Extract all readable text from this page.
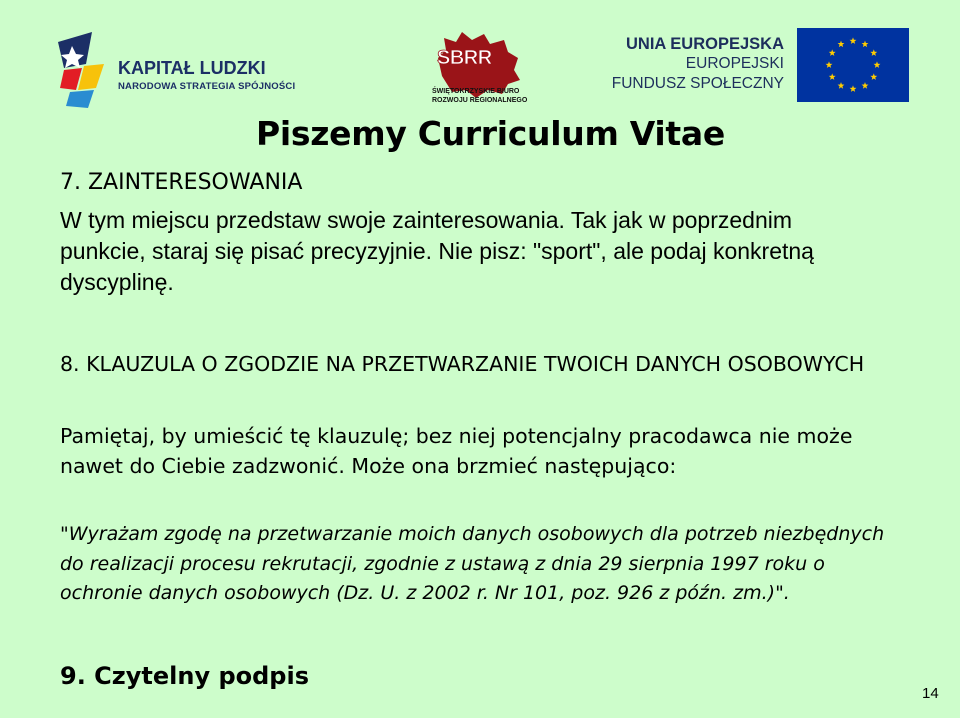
KAPITAŁ LUDZKI
NARODOWA STRATEGIA SPÓJNOŚCI
SBRR
ŚWIĘTOKRZYSKIE BIURO
ROZWOJU REGIONALNEGO
UNIA EUROPEJSKA
EUROPEJSKI
FUNDUSZ SPOŁECZNY
Piszemy Curriculum Vitae
7. ZAINTERESOWANIA
W tym miejscu przedstaw swoje zainteresowania. Tak jak w poprzednim punkcie, staraj się pisać precyzyjnie. Nie pisz: "sport", ale podaj konkretną dyscyplinę.
8. KLAUZULA O ZGODZIE NA PRZETWARZANIE TWOICH DANYCH OSOBOWYCH
Pamiętaj, by umieścić tę klauzulę; bez niej potencjalny pracodawca nie może nawet do Ciebie zadzwonić. Może ona brzmieć następująco:
"Wyrażam zgodę na przetwarzanie moich danych osobowych dla potrzeb niezbędnych do realizacji procesu rekrutacji, zgodnie z ustawą z dnia 29 sierpnia 1997 roku o ochronie danych osobowych (Dz. U. z 2002 r. Nr 101, poz. 926 z późn. zm.)".
9. Czytelny podpis
14
